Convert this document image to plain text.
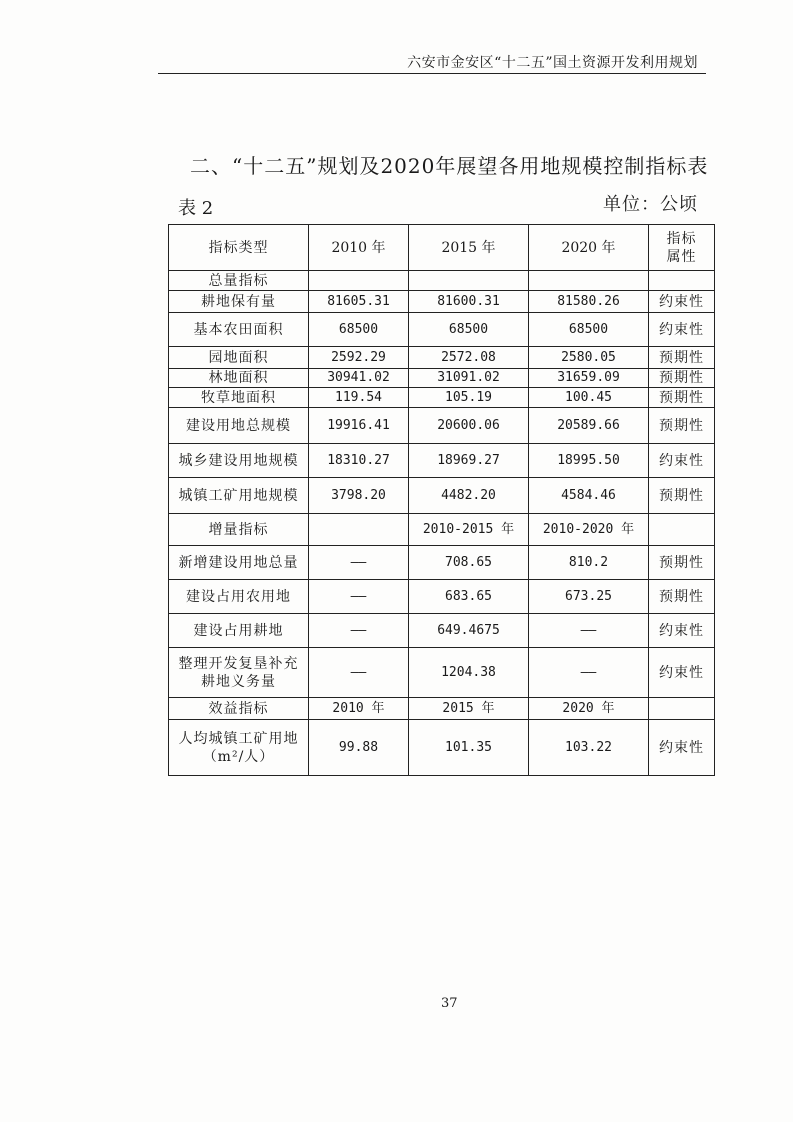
六安市金安区“十二五”国土资源开发利用规划
二、“十二五”规划及2020年展望各用地规模控制指标表
表 2	单位：公顷
指标类型	2010 年	2015 年	2020 年	指标
属性

总量指标				

耕地保有量	81605.31	81600.31	81580.26	约束性

基本农田面积	68500	68500	68500	约束性

园地面积	2592.29	2572.08	2580.05	预期性

林地面积	30941.02	31091.02	31659.09	预期性

牧草地面积	119.54	105.19	100.45	预期性

建设用地总规模	19916.41	20600.06	20589.66	预期性

城乡建设用地规模	18310.27	18969.27	18995.50	约束性

城镇工矿用地规模	3798.20	4482.20	4584.46	预期性

增量指标		2010-2015 年	2010-2020 年	

新增建设用地总量	——	708.65	810.2	预期性

建设占用农用地	——	683.65	673.25	预期性

建设占用耕地	——	649.4675	——	约束性

整理开发复垦补充
耕地义务量	——	1204.38	——	约束性

效益指标	2010 年	2015 年	2020 年	

人均城镇工矿用地
（m²/人）	99.88	101.35	103.22	约束性
37
